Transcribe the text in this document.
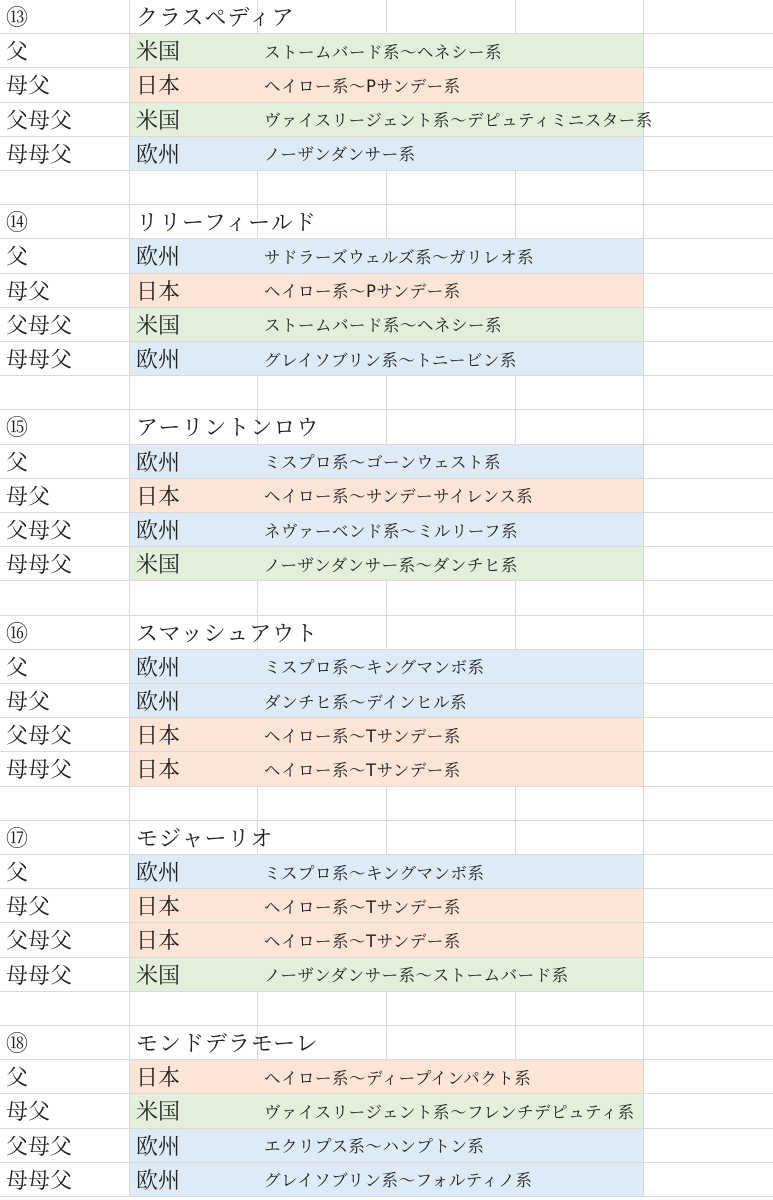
⑬	クラスペディア
父	米国	ストームバード系〜ヘネシー系
母父	日本	ヘイロー系〜Pサンデー系
父母父	米国	ヴァイスリージェント系〜デピュティミニスター系
母母父	欧州	ノーザンダンサー系
⑭	リリーフィールド
父	欧州	サドラーズウェルズ系〜ガリレオ系
母父	日本	ヘイロー系〜Pサンデー系
父母父	米国	ストームバード系〜ヘネシー系
母母父	欧州	グレイソブリン系〜トニービン系
⑮	アーリントンロウ
父	欧州	ミスプロ系〜ゴーンウェスト系
母父	日本	ヘイロー系〜サンデーサイレンス系
父母父	欧州	ネヴァーベンド系〜ミルリーフ系
母母父	米国	ノーザンダンサー系〜ダンチヒ系
⑯	スマッシュアウト
父	欧州	ミスプロ系〜キングマンボ系
母父	欧州	ダンチヒ系〜デインヒル系
父母父	日本	ヘイロー系〜Tサンデー系
母母父	日本	ヘイロー系〜Tサンデー系
⑰	モジャーリオ
父	欧州	ミスプロ系〜キングマンボ系
母父	日本	ヘイロー系〜Tサンデー系
父母父	日本	ヘイロー系〜Tサンデー系
母母父	米国	ノーザンダンサー系〜ストームバード系
⑱	モンドデラモーレ
父	日本	ヘイロー系〜ディープインパクト系
母父	米国	ヴァイスリージェント系〜フレンチデピュティ系
父母父	欧州	エクリプス系〜ハンプトン系
母母父	欧州	グレイソブリン系〜フォルティノ系
